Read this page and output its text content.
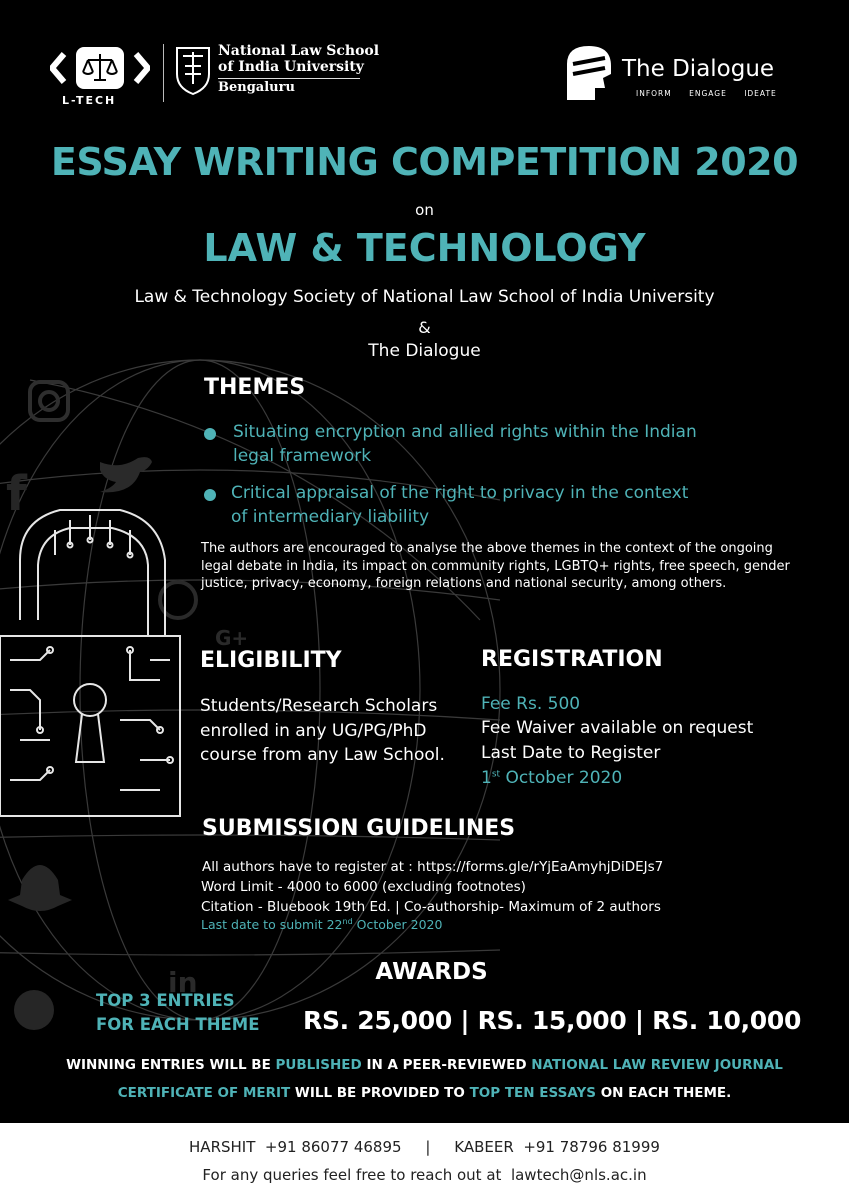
f
G+
in
L-TECH
National Law School
of India University
Bengaluru
The Dialogue
INFORM ENGAGE IDEATE
ESSAY WRITING COMPETITION 2020
on
LAW & TECHNOLOGY
Law & Technology Society of National Law School of India University
&
The Dialogue
THEMES
Situating encryption and allied rights within the Indian legal framework
Critical appraisal of the right to privacy in the context of intermediary liability
The authors are encouraged to analyse the above themes in the context of the ongoing legal debate in India, its impact on community rights, LGBTQ+ rights, free speech, gender justice, privacy, economy, foreign relations and national security, among others.
ELIGIBILITY
Students/Research Scholars enrolled in any UG/PG/PhD course from any Law School.
REGISTRATION
Fee Rs. 500
Fee Waiver available on request
Last Date to Register
1st October 2020
SUBMISSION GUIDELINES
All authors have to register at : https://forms.gle/rYjEaAmyhjDiDEJs7
Word Limit - 4000 to 6000 (excluding footnotes)
Citation - Bluebook 19th Ed. | Co-authorship- Maximum of 2 authors
Last date to submit 22nd October 2020
AWARDS
TOP 3 ENTRIES
FOR EACH THEME RS. 25,000 | RS. 15,000 | RS. 10,000
WINNING ENTRIES WILL BE PUBLISHED IN A PEER-REVIEWED NATIONAL LAW REVIEW JOURNAL
CERTIFICATE OF MERIT WILL BE PROVIDED TO TOP TEN ESSAYS ON EACH THEME.
HARSHIT  +91 86077 46895     |     KABEER  +91 78796 81999
For any queries feel free to reach out at  lawtech@nls.ac.in
